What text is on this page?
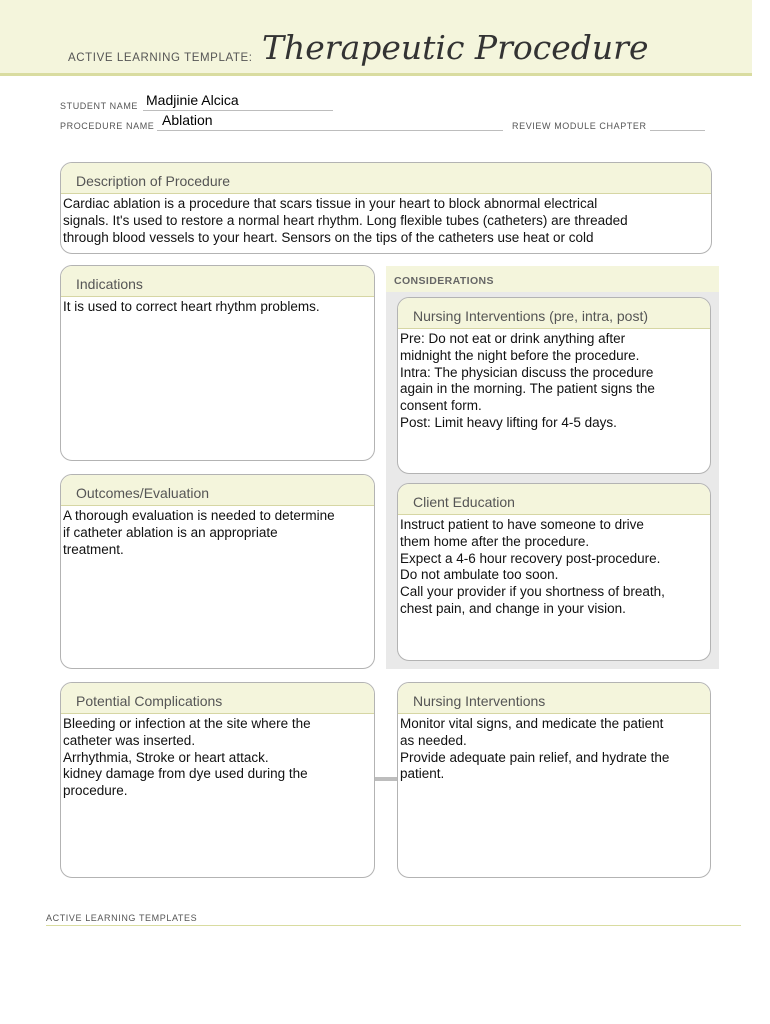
ACTIVE LEARNING TEMPLATE: Therapeutic Procedure
STUDENT NAME Madjinie Alcica
PROCEDURE NAME Ablation	REVIEW MODULE CHAPTER
Description of Procedure
Cardiac ablation is a procedure that scars tissue in your heart to block abnormal electrical
signals. It's used to restore a normal heart rhythm. Long flexible tubes (catheters) are threaded
through blood vessels to your heart. Sensors on the tips of the catheters use heat or cold
CONSIDERATIONS
Indications
It is used to correct heart rhythm problems.
Nursing Interventions (pre, intra, post)
Pre: Do not eat or drink anything after
midnight the night before the procedure.
Intra: The physician discuss the procedure
again in the morning. The patient signs the
consent form.
Post: Limit heavy lifting for 4-5 days.
Outcomes/Evaluation
A thorough evaluation is needed to determine
if catheter ablation is an appropriate
treatment.
Client Education
Instruct patient to have someone to drive
them home after the procedure.
Expect a 4-6 hour recovery post-procedure.
Do not ambulate too soon.
Call your provider if you shortness of breath,
chest pain, and change in your vision.
Potential Complications
Bleeding or infection at the site where the
catheter was inserted.
Arrhythmia, Stroke or heart attack.
kidney damage from dye used during the
procedure.
Nursing Interventions
Monitor vital signs, and medicate the patient
as needed.
Provide adequate pain relief, and hydrate the
patient.
ACTIVE LEARNING TEMPLATES
